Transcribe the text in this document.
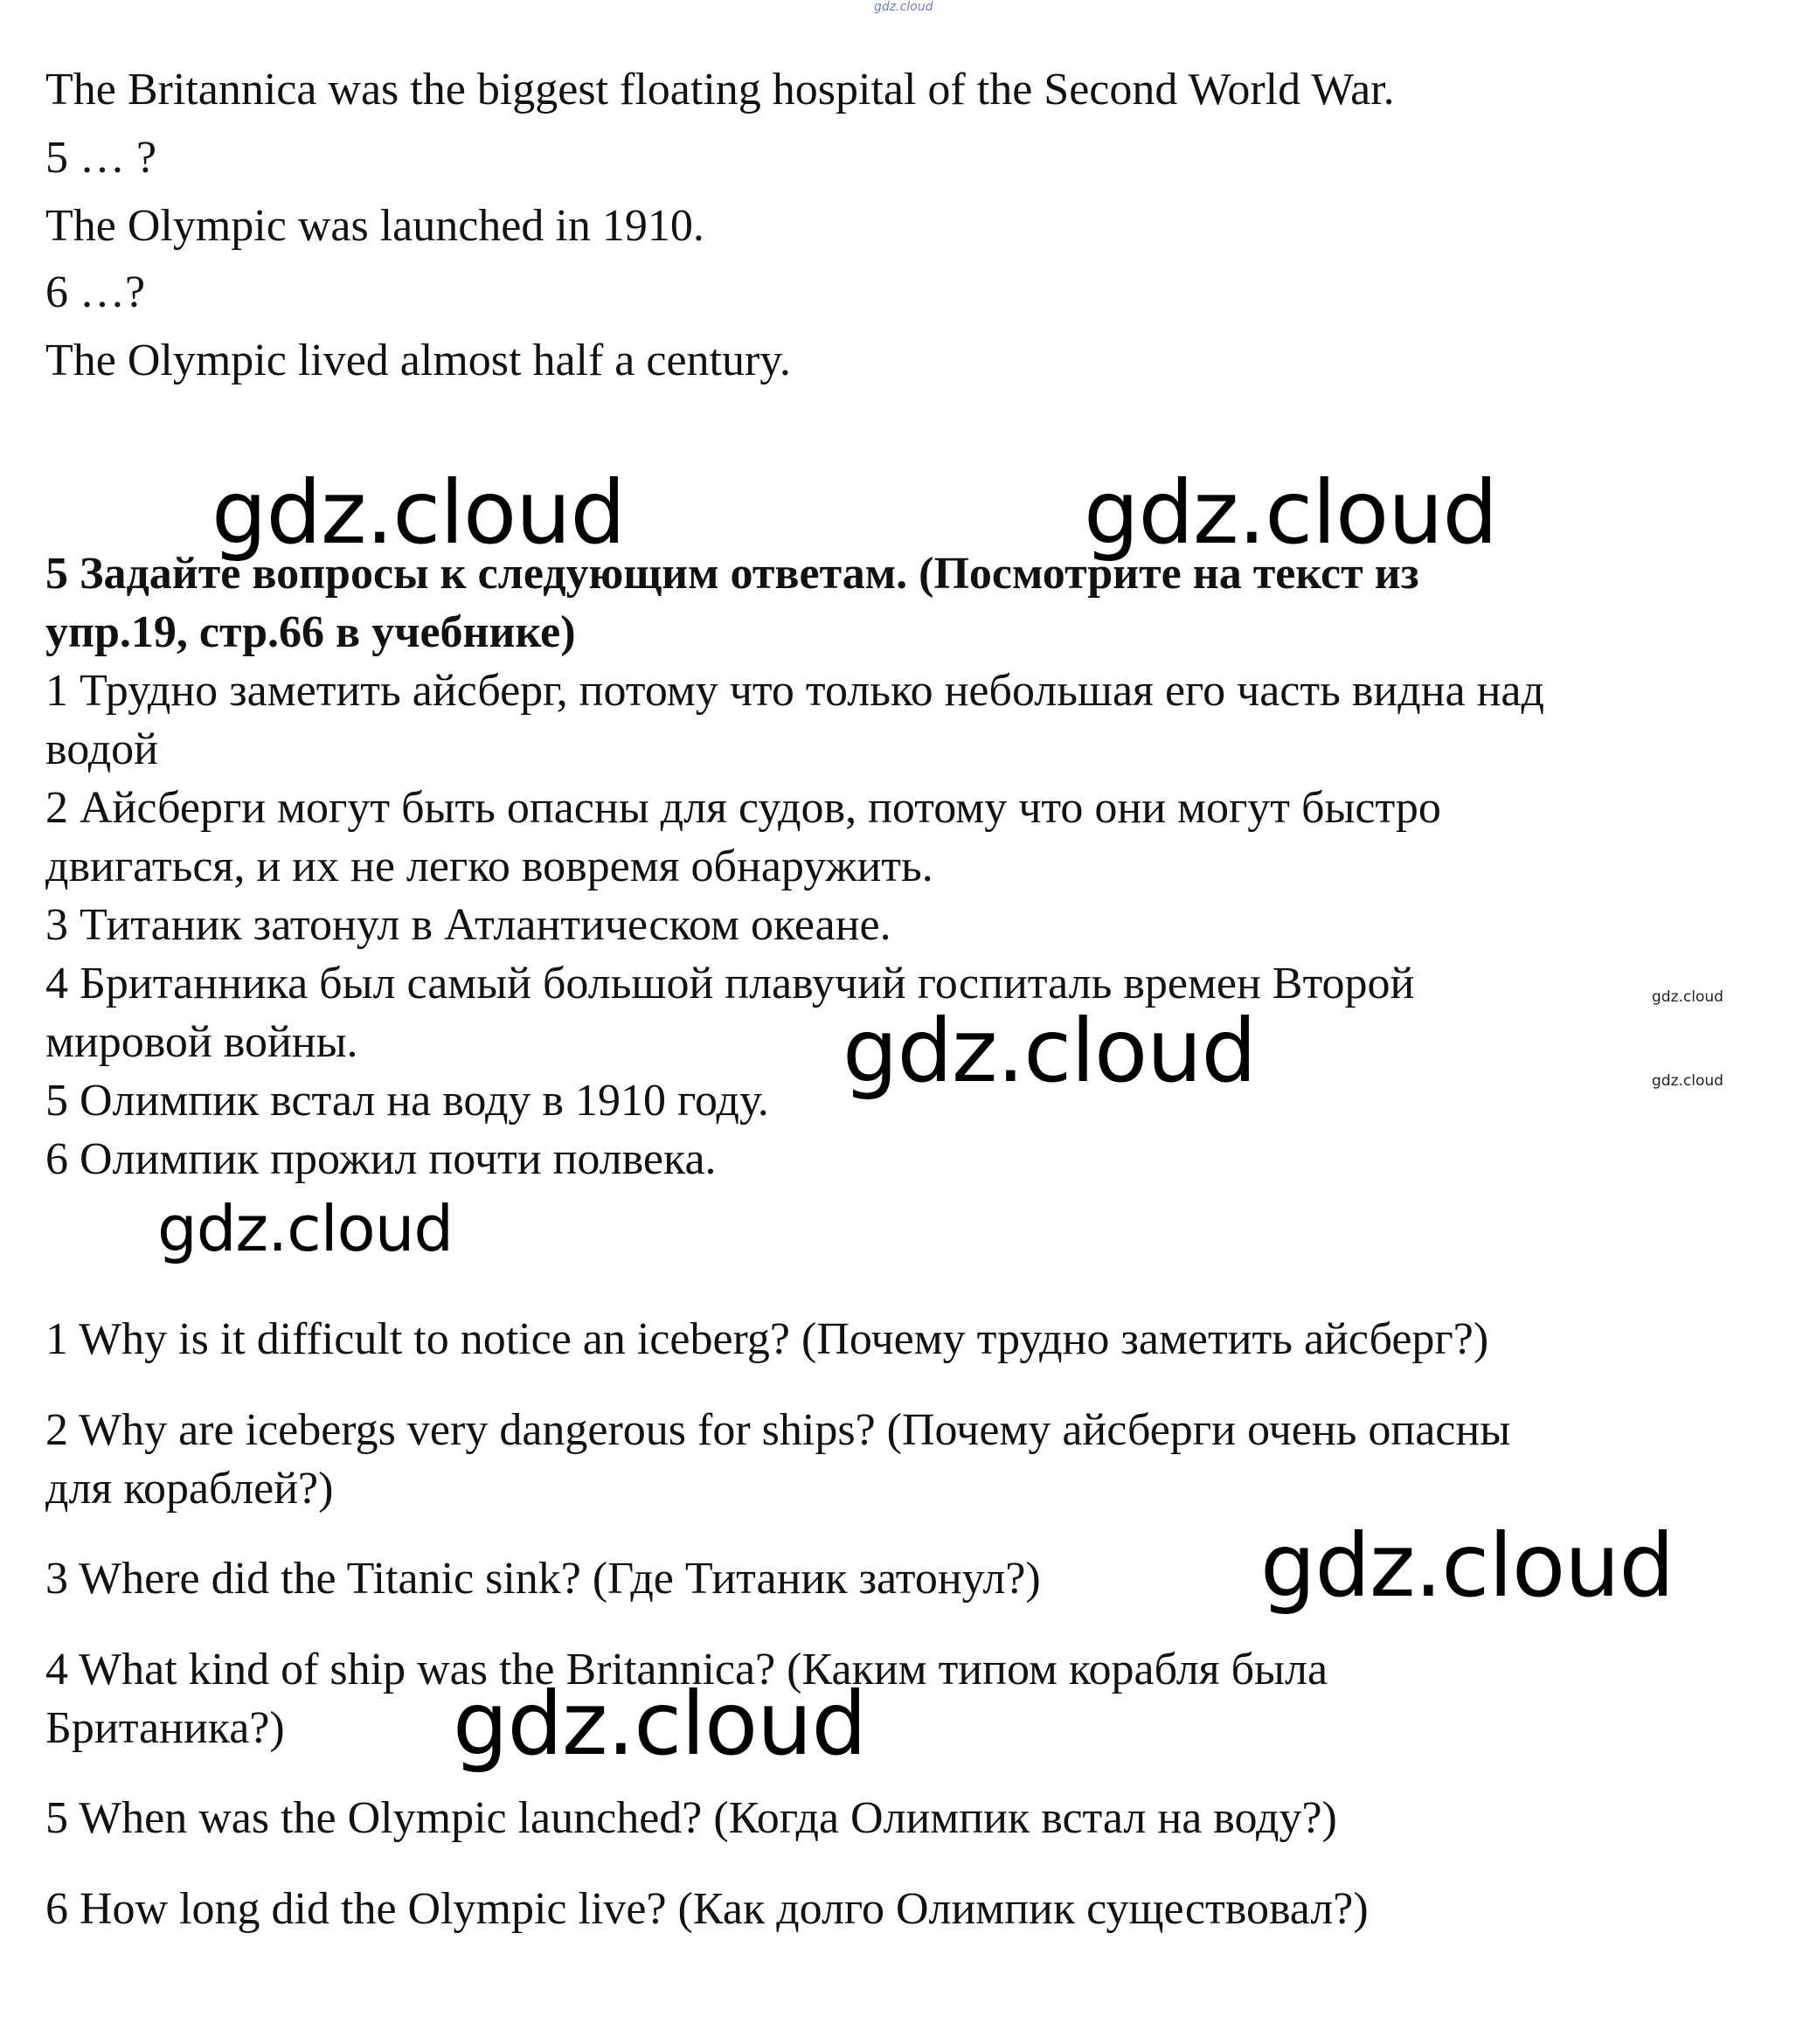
The Britannica was the biggest floating hospital of the Second World War.

5 … ?

The Olympic was launched in 1910.

6 …?

The Olympic lived almost half a century.

5 Задайте вопросы к следующим ответам. (Посмотрите на текст из

упр.19, стр.66 в учебнике)

1 Трудно заметить айсберг, потому что только небольшая его часть видна над

водой

2 Айсберги могут быть опасны для судов, потому что они могут быстро

двигаться, и их не легко вовремя обнаружить.

3 Титаник затонул в Атлантическом океане.

4 Британника был самый большой плавучий госпиталь времен Второй

мировой войны.

5 Олимпик встал на воду в 1910 году.

6 Олимпик прожил почти полвека.

1 Why is it difficult to notice an iceberg? (Почему трудно заметить айсберг?)

2 Why are icebergs very dangerous for ships? (Почему айсберги очень опасны

для кораблей?)

3 Where did the Titanic sink? (Где Титаник затонул?)

4 What kind of ship was the Britannica? (Каким типом корабля была

Британика?)

5 When was the Olympic launched? (Когда Олимпик встал на воду?)

6 How long did the Olympic live? (Как долго Олимпик существовал?)

gdz.cloud

gdz.cloud	gdz.cloud

gdz.cloud

gdz.cloud

gdz.cloud

gdz.cloud

gdz.cloud

gdz.cloud
